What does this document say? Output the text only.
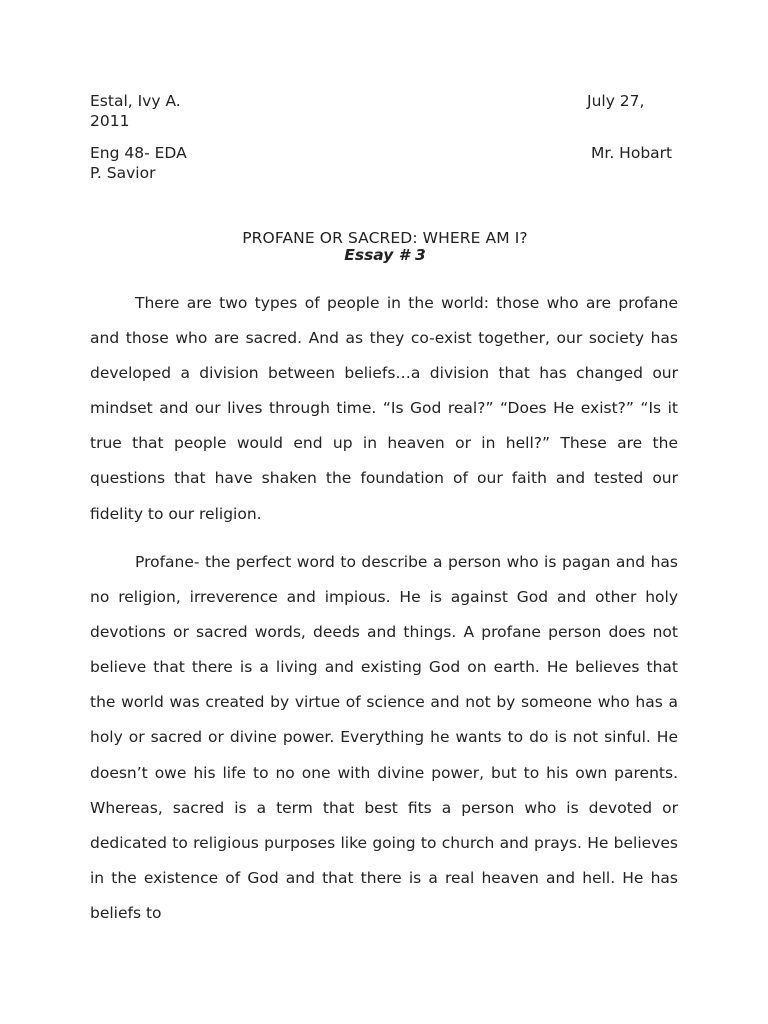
Estal, Ivy A.	July 27,
2011
Eng 48- EDA	Mr. Hobart
P. Savior
PROFANE OR SACRED: WHERE AM I?
Essay # 3

There are two types of people in the world: those who are profane and those who are sacred. And as they co-exist together, our society has developed a division between beliefs…a division that has changed our mindset and our lives through time. “Is God real?” “Does He exist?” “Is it true that people would end up in heaven or in hell?” These are the questions that have shaken the foundation of our faith and tested our fidelity to our religion.

Profane- the perfect word to describe a person who is pagan and has no religion, irreverence and impious. He is against God and other holy devotions or sacred words, deeds and things. A profane person does not believe that there is a living and existing God on earth. He believes that the world was created by virtue of science and not by someone who has a holy or sacred or divine power. Everything he wants to do is not sinful. He doesn’t owe his life to no one with divine power, but to his own parents. Whereas, sacred is a term that best fits a person who is devoted or dedicated to religious purposes like going to church and prays. He believes in the existence of God and that there is a real heaven and hell. He has beliefs to
